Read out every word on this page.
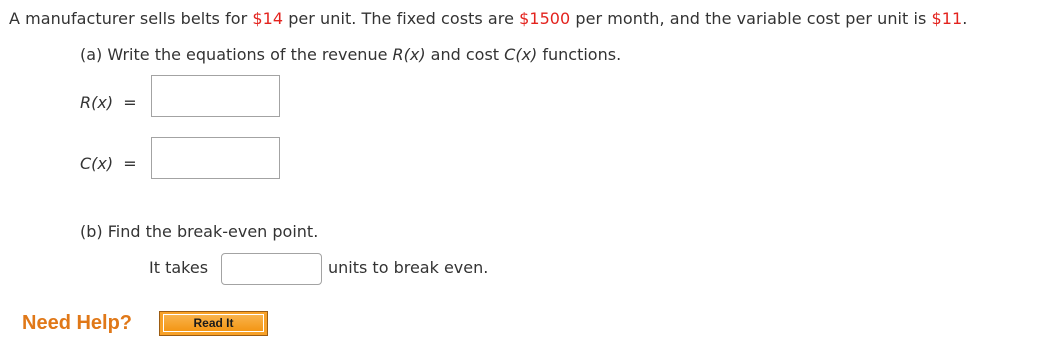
A manufacturer sells belts for $14 per unit. The fixed costs are $1500 per month, and the variable cost per unit is $11.
(a) Write the equations of the revenue R(x) and cost C(x) functions.
R(x) =
C(x) =
(b) Find the break-even point.
It takes	units to break even.
Need Help?	Read It
